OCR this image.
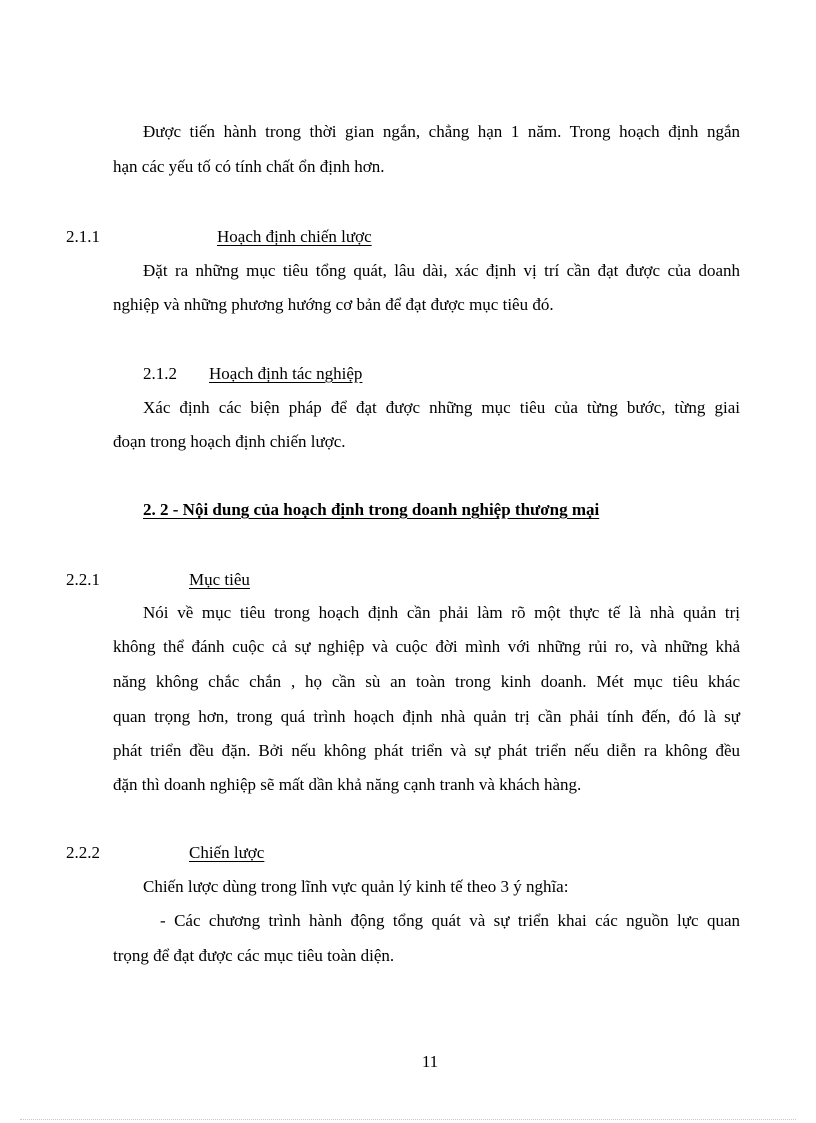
Được tiến hành trong thời gian ngắn, chẳng hạn 1 năm. Trong hoạch định ngắn
hạn các yếu tố có tính chất ổn định hơn.
2.1.1	Hoạch định chiến lược
Đặt ra những mục tiêu tổng quát, lâu dài, xác định vị trí cần đạt được của doanh
nghiệp và những phương hướng cơ bản để đạt được mục tiêu đó.
2.1.2 Hoạch định tác nghiệp
Xác định các biện pháp để đạt được những mục tiêu của từng bước, từng giai
đoạn trong hoạch định chiến lược.
2. 2 - Nội dung của hoạch định trong doanh nghiệp thương mại
2.2.1	Mục tiêu
Nói về mục tiêu trong hoạch định cần phải làm rõ một thực tế là nhà quản trị
không thể đánh cuộc cả sự nghiệp và cuộc đời mình với những rủi ro, và những khả
năng không chắc chắn , họ cần sù an toàn trong kinh doanh. Mét mục tiêu khác
quan trọng hơn, trong quá trình hoạch định nhà quản trị cần phải tính đến, đó là sự
phát triển đều đặn. Bởi nếu không phát triển và sự phát triển nếu diễn ra không đều
đặn thì doanh nghiệp sẽ mất dần khả năng cạnh tranh và khách hàng.
2.2.2	Chiến lược
Chiến lược dùng trong lĩnh vực quản lý kinh tế theo 3 ý nghĩa:
- Các chương trình hành động tổng quát và sự triển khai các nguồn lực quan
trọng để đạt được các mục tiêu toàn diện.
11
